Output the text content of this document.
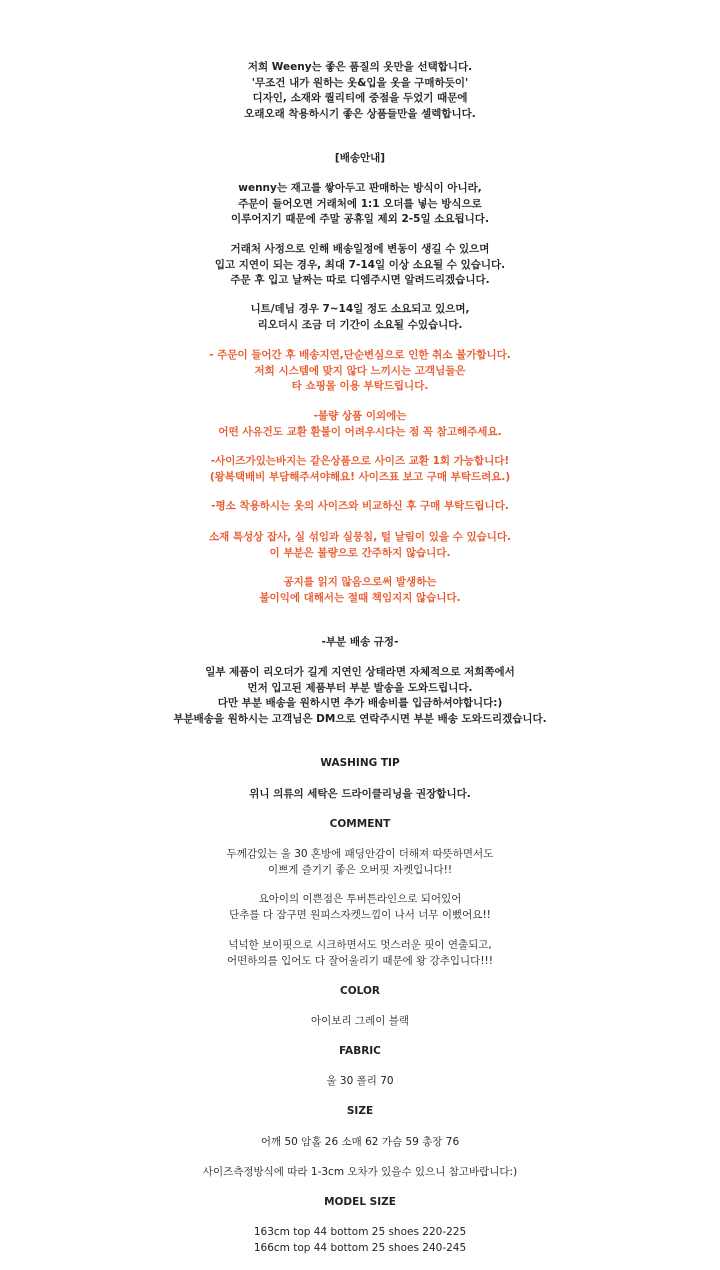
저희 Weeny는 좋은 품질의 옷만을 선택합니다.
'무조건 내가 원하는 옷&입을 옷을 구매하듯이'
디자인, 소재와 퀄리티에 중점을 두었기 때문에
오래오래 착용하시기 좋은 상품들만을 셀렉합니다.
[배송안내]
wenny는 재고를 쌓아두고 판매하는 방식이 아니라,
주문이 들어오면 거래처에 1:1 오더를 넣는 방식으로
이루어지기 때문에 주말 공휴일 제외 2-5일 소요됩니다.
거래처 사정으로 인해 배송일정에 변동이 생길 수 있으며
입고 지연이 되는 경우, 최대 7-14일 이상 소요될 수 있습니다.
주문 후 입고 날짜는 따로 디엠주시면 알려드리겠습니다.
니트/데님 경우 7~14일 정도 소요되고 있으며,
리오더시 조금 더 기간이 소요될 수있습니다.
- 주문이 들어간 후 배송지연,단순변심으로 인한 취소 불가합니다.
저희 시스템에 맞지 않다 느끼시는 고객님들은
타 쇼핑몰 이용 부탁드립니다.
-불량 상품 이외에는
어떤 사유건도 교환 환불이 어려우시다는 점 꼭 참고해주세요.
-사이즈가있는바지는 같은상품으로 사이즈 교환 1회 가능합니다!
(왕복택배비 부담해주셔야해요! 사이즈표 보고 구매 부탁드려요.)
-평소 착용하시는 옷의 사이즈와 비교하신 후 구매 부탁드립니다.
소재 특성상 잡사, 실 섞임과 실뭉침, 털 날림이 있을 수 있습니다.
이 부분은 불량으로 간주하지 않습니다.
공지를 읽지 않음으로써 발생하는
불이익에 대해서는 절때 책임지지 않습니다.
-부분 배송 규정-
일부 제품이 리오더가 길게 지연인 상태라면 자체적으로 저희쪽에서
먼저 입고된 제품부터 부분 발송을 도와드립니다.
다만 부분 배송을 원하시면 추가 배송비를 입금하셔야합니다:)
부분배송을 원하시는 고객님은 DM으로 연락주시면 부분 배송 도와드리겠습니다.
WASHING TIP
위니 의류의 세탁은 드라이클리닝을 권장합니다.
COMMENT
두께감있는 울 30 혼방에 패딩안감이 더해져 따뜻하면서도
이쁘게 즐기기 좋은 오버핏 자켓입니다!!
요아이의 이쁜점은 투버튼라인으로 되어있어
단추를 다 잠구면 원피스자켓느낌이 나서 너무 이뻤어요!!
넉넉한 보이핏으로 시크하면서도 멋스러운 핏이 연출되고,
어떤하의를 입어도 다 잘어울리기 때문에 왕 강추입니다!!!
COLOR
아이보리 그레이 블랙
FABRIC
울 30 폴리 70
SIZE
어깨 50 암홀 26 소매 62 가슴 59 총장 76
사이즈측정방식에 따라 1-3cm 오차가 있을수 있으니 참고바랍니다:)
MODEL SIZE
163cm top 44 bottom 25 shoes 220-225
166cm top 44 bottom 25 shoes 240-245
